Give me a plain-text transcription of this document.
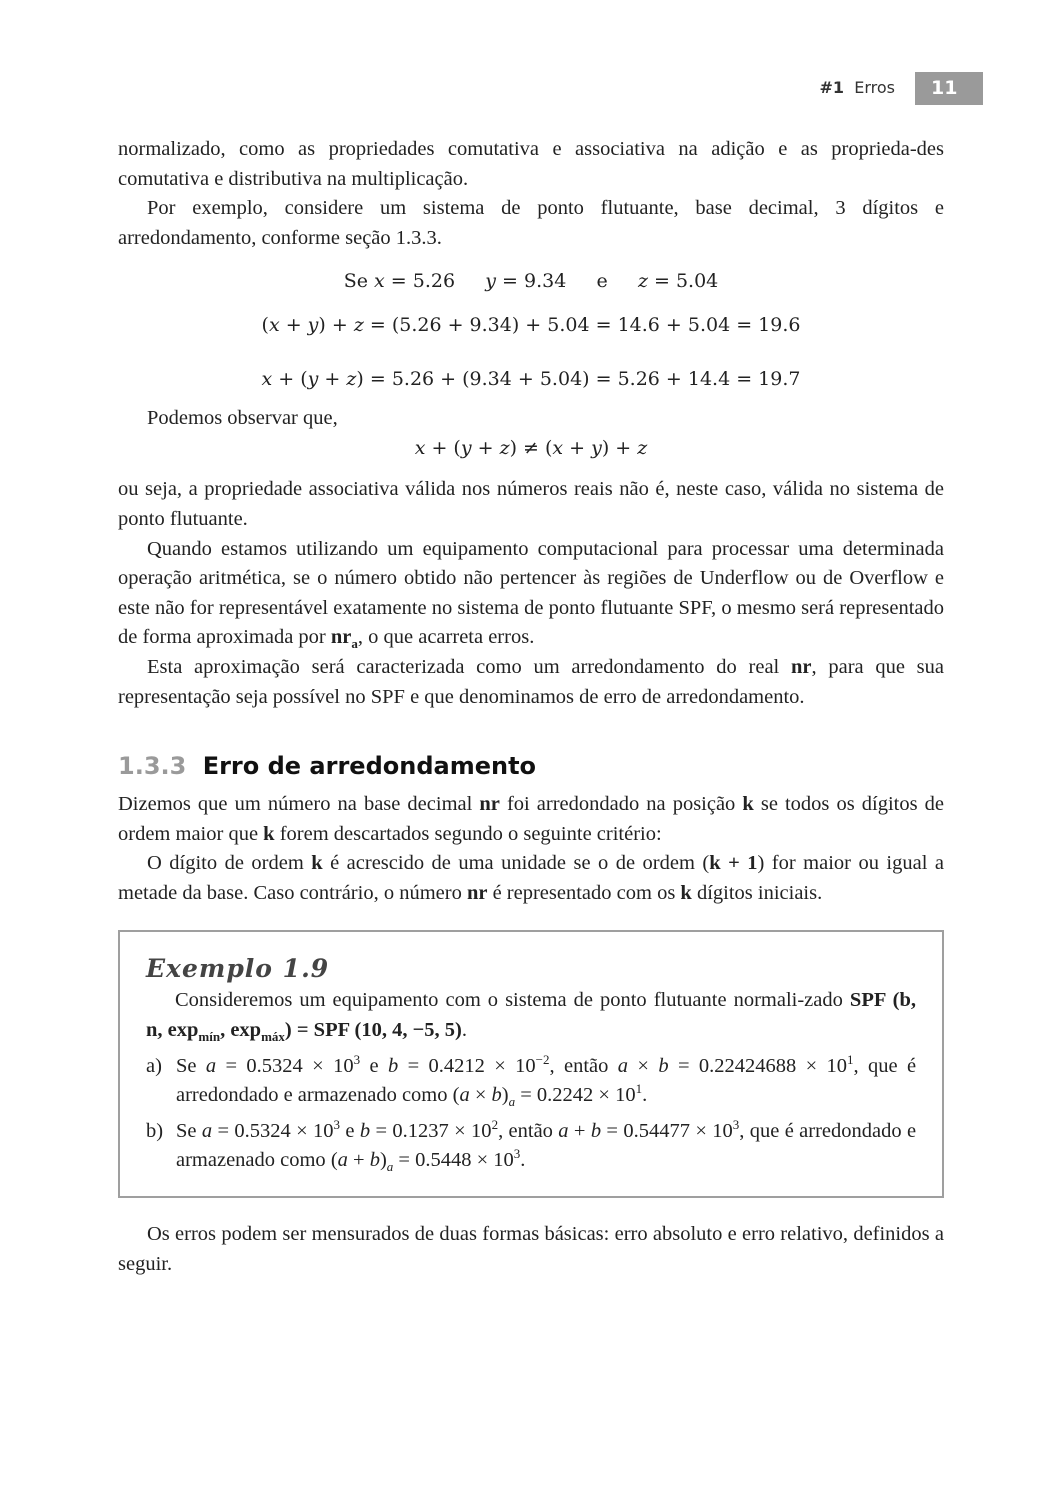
#1 Erros	11

normalizado, como as propriedades comutativa e associativa na adição e as proprieda-des comutativa e distributiva na multiplicação.

Por exemplo, considere um sistema de ponto flutuante, base decimal, 3 dígitos e arredondamento, conforme seção 1.3.3.

Se x = 5.26 y = 9.34 e z = 5.04
(x + y) + z = (5.26 + 9.34) + 5.04 = 14.6 + 5.04 = 19.6
x + (y + z) = 5.26 + (9.34 + 5.04) = 5.26 + 14.4 = 19.7

Podemos observar que,

x + (y + z) ≠ (x + y) + z

ou seja, a propriedade associativa válida nos números reais não é, neste caso, válida no sistema de ponto flutuante.

Quando estamos utilizando um equipamento computacional para processar uma determinada operação aritmética, se o número obtido não pertencer às regiões de Underflow ou de Overflow e este não for representável exatamente no sistema de ponto flutuante SPF, o mesmo será representado de forma aproximada por $nr_a$, o que acarreta erros.

Esta aproximação será caracterizada como um arredondamento do real nr, para que sua representação seja possível no SPF e que denominamos de erro de arredondamento.

1.3.3 Erro de arredondamento

Dizemos que um número na base decimal nr foi arredondado na posição k se todos os dígitos de ordem maior que k forem descartados segundo o seguinte critério:

O dígito de ordem k é acrescido de uma unidade se o de ordem (k + 1) for maior ou igual a metade da base. Caso contrário, o número nr é representado com os k dígitos iniciais.

Exemplo 1.9

Consideremos um equipamento com o sistema de ponto flutuante normali-zado SPF (b, n, $\exp_{mín}$, $\exp_{máx}$) = SPF (10, 4, −5, 5).

a) Se $a = 0.5324 \times 10^3$ e $b = 0.4212 \times 10^{-2}$, então $a \times b = 0.22424688 \times 10^1$, que é arredondado e armazenado como $(a \times b)_a = 0.2242 \times 10^1$.
b) Se $a = 0.5324 \times 10^3$ e $b = 0.1237 \times 10^2$, então $a + b = 0.54477 \times 10^3$, que é arredondado e armazenado como $(a + b)_a = 0.5448 \times 10^3$.

Os erros podem ser mensurados de duas formas básicas: erro absoluto e erro relativo, definidos a seguir.
